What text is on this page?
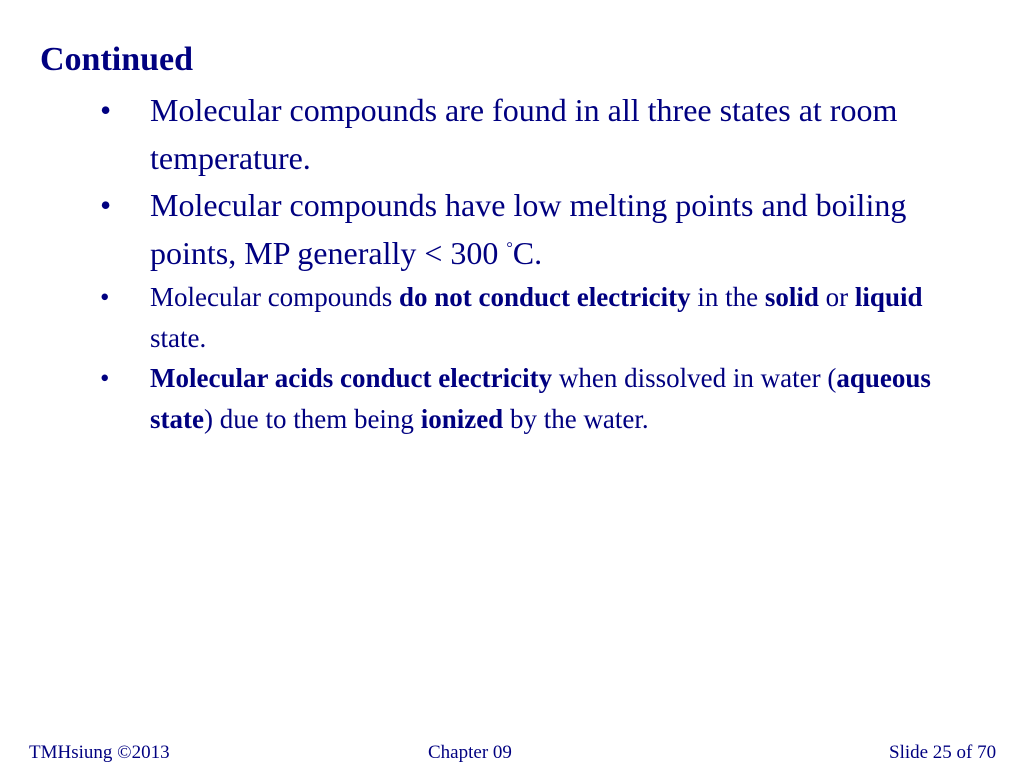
Continued
• Molecular compounds are found in all three states at room temperature.
• Molecular compounds have low melting points and boiling points, MP generally < 300 °C.
• Molecular compounds do not conduct electricity in the solid or liquid state.
• Molecular acids conduct electricity when dissolved in water (aqueous state) due to them being ionized by the water.
TMHsiung ©2013	Chapter 09	Slide 25 of 70
